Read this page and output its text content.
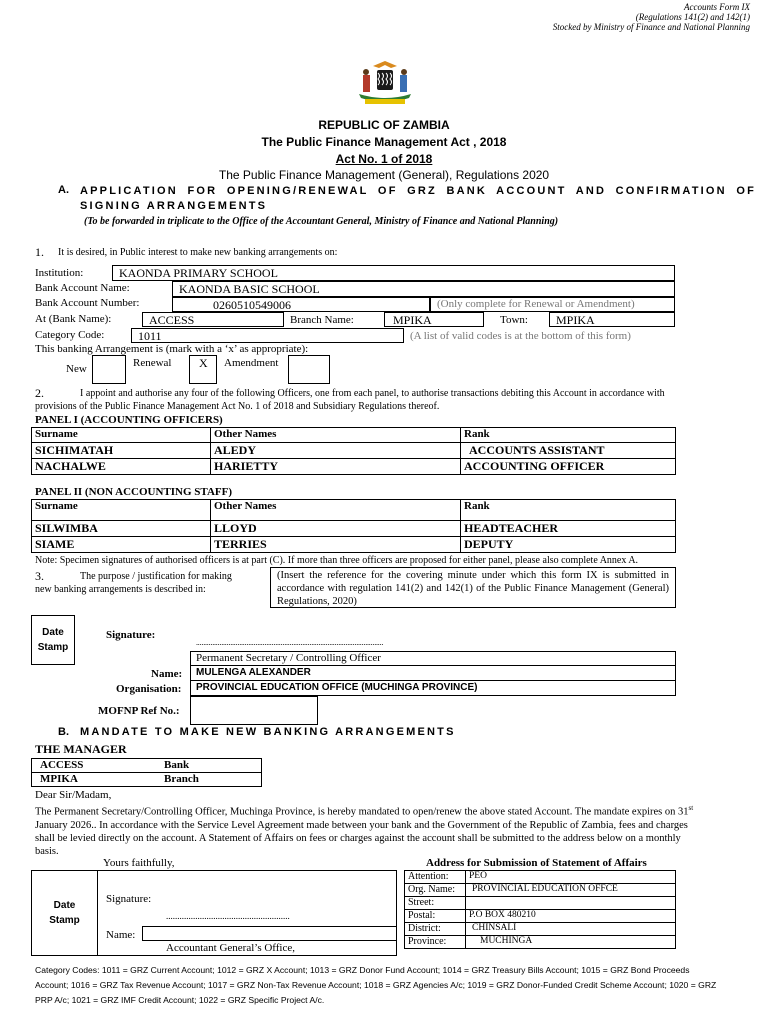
Accounts Form IX
(Regulations 141(2) and 142(1)
Stocked by Ministry of Finance and National Planning
REPUBLIC OF ZAMBIA
The Public Finance Management Act , 2018
Act No. 1 of 2018
The Public Finance Management (General), Regulations 2020
A. APPLICATION FOR OPENING/RENEWAL OF GRZ BANK ACCOUNT AND CONFIRMATION OF SIGNING ARRANGEMENTS
(To be forwarded in triplicate to the Office of the Accountant General, Ministry of Finance and National Planning)
1. It is desired, in Public interest to make new banking arrangements on:
Institution:	KAONDA PRIMARY SCHOOL
Bank Account Name:	KAONDA BASIC SCHOOL
Bank Account Number:	0260510549006	(Only complete for Renewal or Amendment)
At (Bank Name):	ACCESS	Branch Name:	MPIKA	Town: MPIKA
Category Code:	1011	(A list of valid codes is at the bottom of this form)
This banking Arrangement is (mark with a ‘x’ as appropriate):
New	Renewal X Amendment
2.	I appoint and authorise any four of the following Officers, one from each panel, to authorise transactions debiting this Account in accordance with
provisions of the Public Finance Management Act No. 1 of 2018 and Subsidiary Regulations thereof.
PANEL I (ACCOUNTING OFFICERS)
Surname	Other Names	Rank
SICHIMATAH	ALEDY	ACCOUNTS ASSISTANT
NACHALWE	HARIETTY	ACCOUNTING OFFICER
PANEL II (NON ACCOUNTING STAFF)
Surname	Other Names	Rank
SILWIMBA	LLOYD	HEADTEACHER
SIAME	TERRIES	DEPUTY
Note: Specimen signatures of authorised officers is at part (C). If more than three officers are proposed for either panel, please also complete Annex A.
3.	The purpose / justification for making
new banking arrangements is described in:
(Insert the reference for the covering minute under which this form IX is submitted in accordance with regulation 141(2) and 142(1) of the Public Finance Management (General) Regulations, 2020)
Date Stamp
Signature:
........................................................................................................
Permanent Secretary / Controlling Officer
Name: MULENGA ALEXANDER
Organisation: PROVINCIAL EDUCATION OFFICE (MUCHINGA PROVINCE)
MOFNP Ref No.:
B. MANDATE TO MAKE NEW BANKING ARRANGEMENTS
THE MANAGER
ACCESS	Bank
MPIKA	Branch
Dear Sir/Madam,
The Permanent Secretary/Controlling Officer, Muchinga Province, is hereby mandated to open/renew the above stated Account. The mandate expires on 31st
January 2026.. In accordance with the Service Level Agreement made between your bank and the Government of the Republic of Zambia, fees and charges
shall be levied directly on the account. A Statement of Affairs on fees or charges against the account shall be submitted to the address below on a monthly
basis.
Yours faithfully,
Date Stamp
Signature:
.......................................................
Name:
Accountant General’s Office,
Address for Submission of Statement of Affairs
Attention:	PEO
Org. Name:	PROVINCIAL EDUCATION OFFCE
Street:	
Postal:	P.O BOX 480210
District:	CHINSALI
Province:	MUCHINGA
Category Codes: 1011 = GRZ Current Account; 1012 = GRZ X Account; 1013 = GRZ Donor Fund Account; 1014 = GRZ Treasury Bills Account; 1015 = GRZ Bond Proceeds
Account; 1016 = GRZ Tax Revenue Account; 1017 = GRZ Non-Tax Revenue Account; 1018 = GRZ Agencies A/c; 1019 = GRZ Donor-Funded Credit Scheme Account; 1020 = GRZ
PRP A/c; 1021 = GRZ IMF Credit Account; 1022 = GRZ Specific Project A/c.
